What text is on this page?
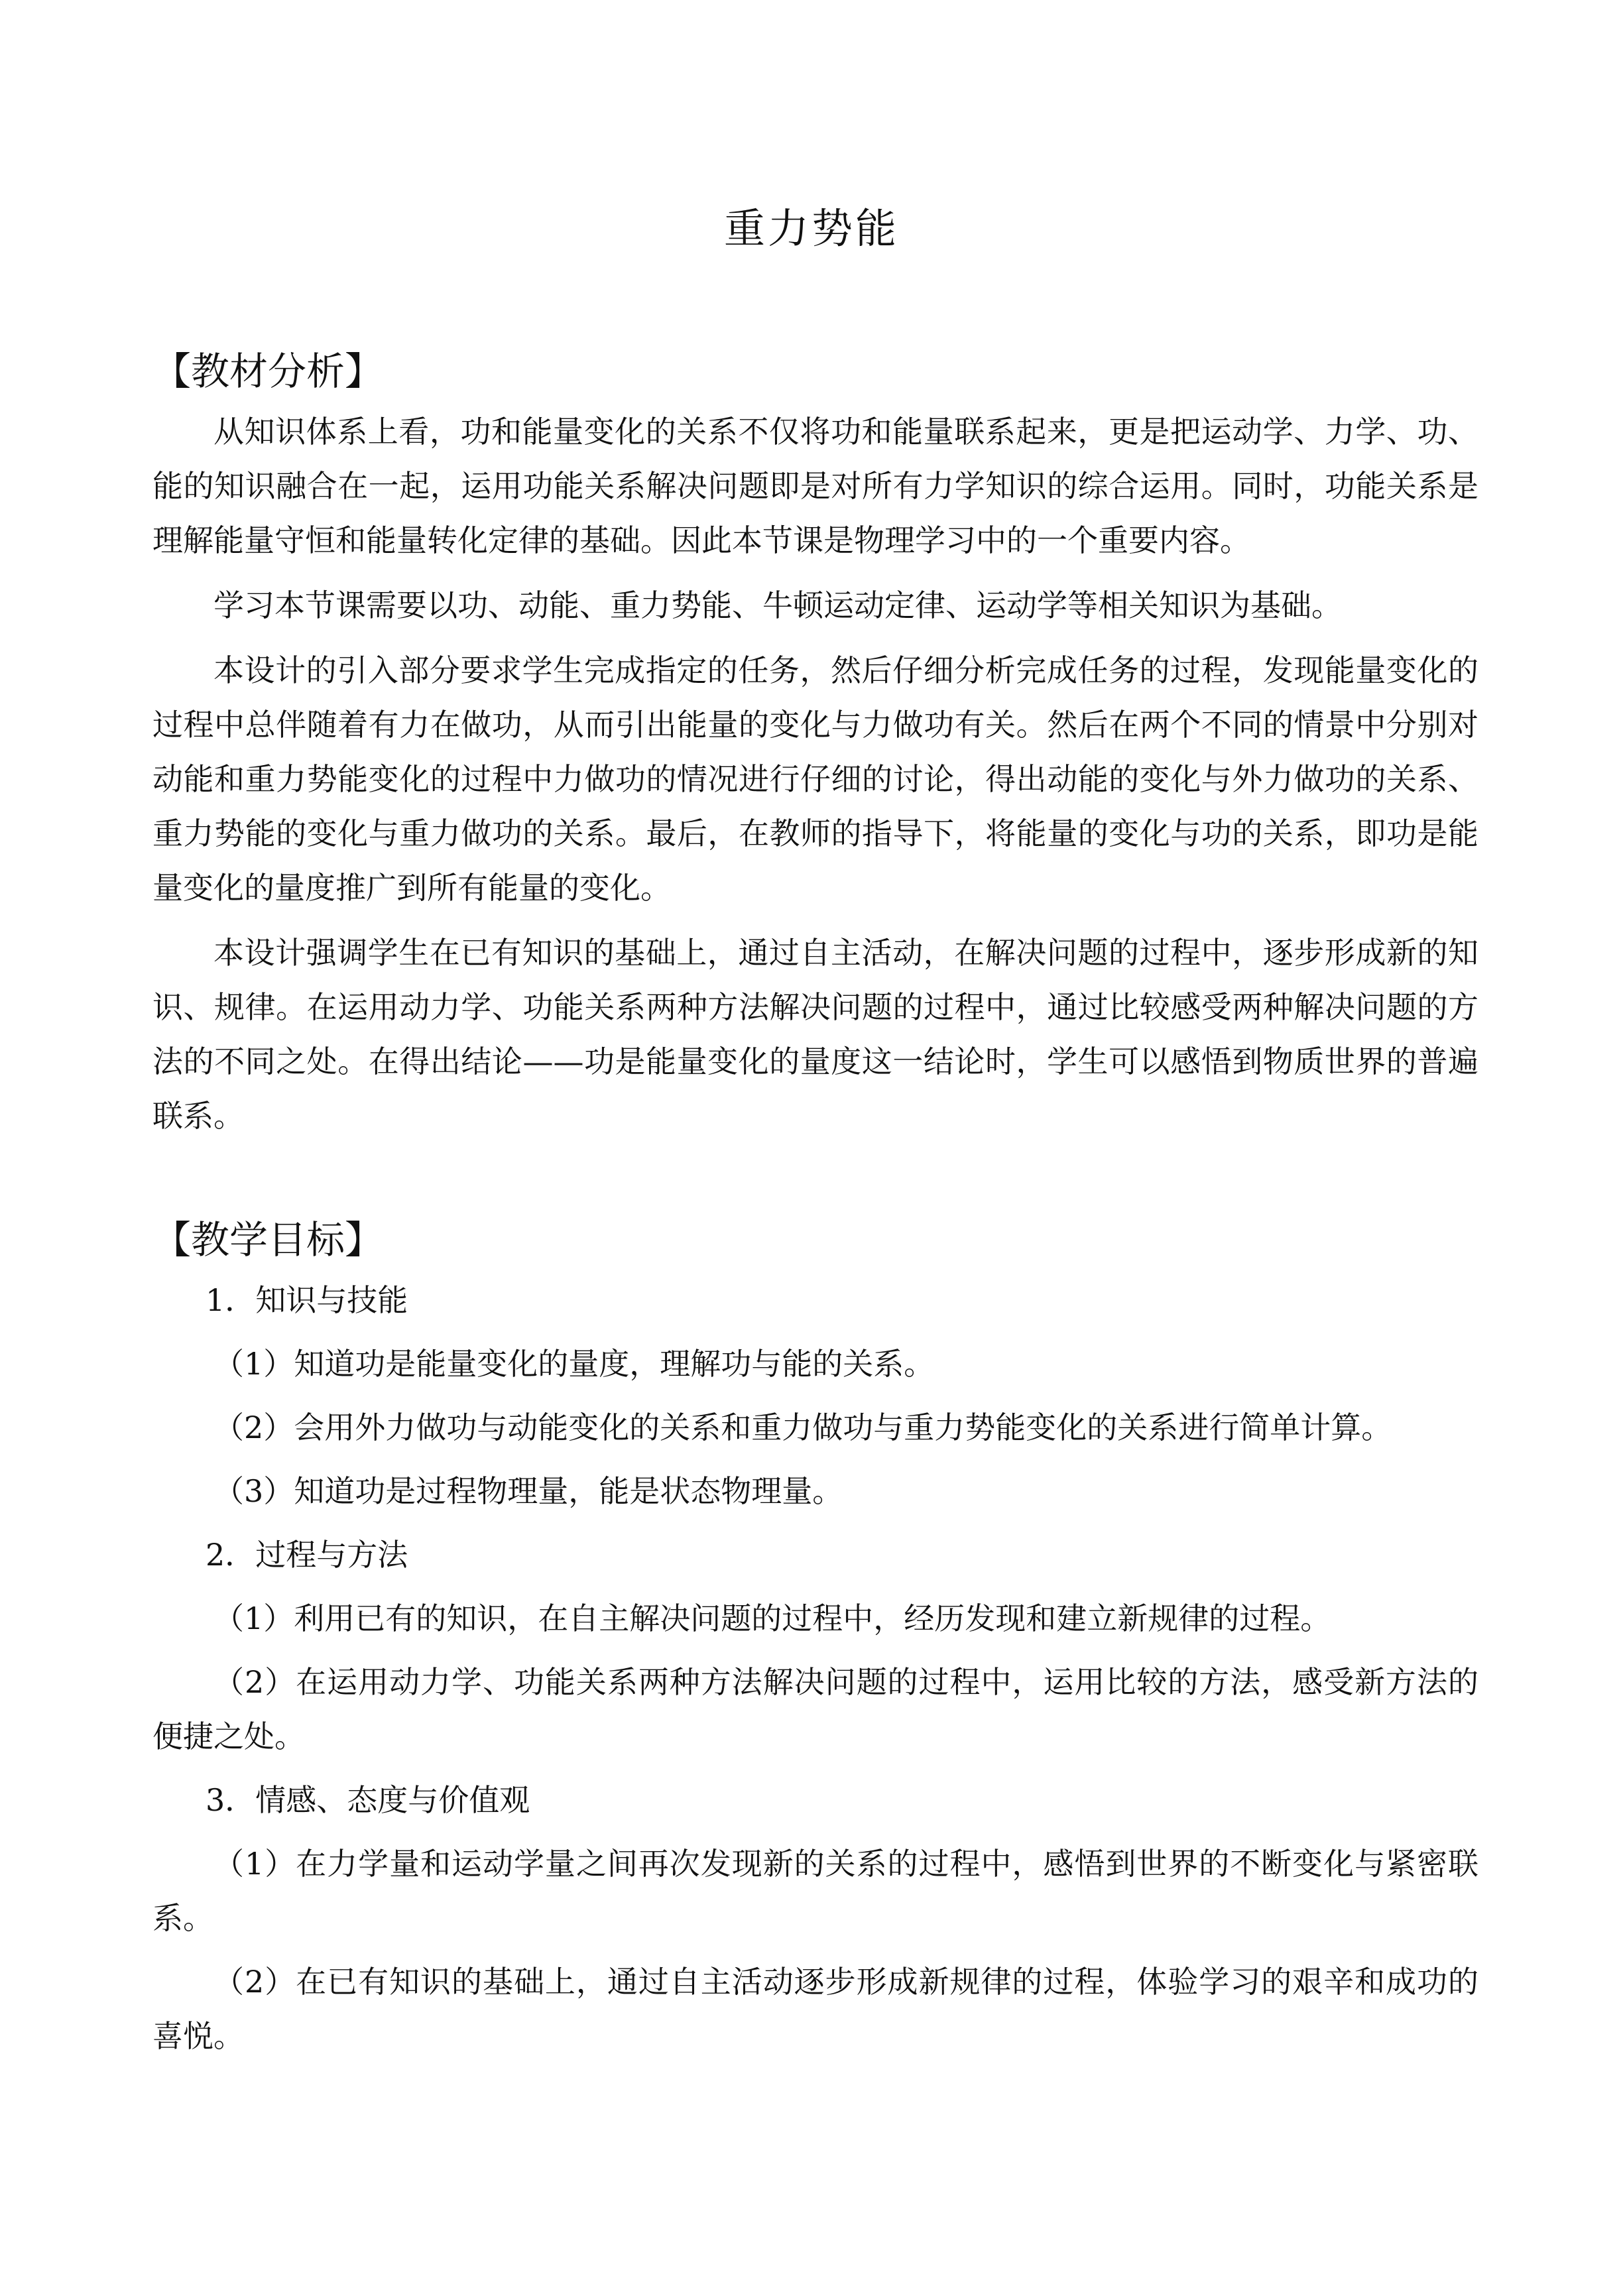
重力势能

【教材分析】

从知识体系上看，功和能量变化的关系不仅将功和能量联系起来，更是把运动学、力学、功、能的知识融合在一起，运用功能关系解决问题即是对所有力学知识的综合运用。同时，功能关系是理解能量守恒和能量转化定律的基础。因此本节课是物理学习中的一个重要内容。

学习本节课需要以功、动能、重力势能、牛顿运动定律、运动学等相关知识为基础。

本设计的引入部分要求学生完成指定的任务，然后仔细分析完成任务的过程，发现能量变化的过程中总伴随着有力在做功，从而引出能量的变化与力做功有关。然后在两个不同的情景中分别对动能和重力势能变化的过程中力做功的情况进行仔细的讨论，得出动能的变化与外力做功的关系、重力势能的变化与重力做功的关系。最后，在教师的指导下，将能量的变化与功的关系，即功是能量变化的量度推广到所有能量的变化。

本设计强调学生在已有知识的基础上，通过自主活动，在解决问题的过程中，逐步形成新的知识、规律。在运用动力学、功能关系两种方法解决问题的过程中，通过比较感受两种解决问题的方法的不同之处。在得出结论——功是能量变化的量度这一结论时，学生可以感悟到物质世界的普遍联系。

【教学目标】

1．知识与技能

（1）知道功是能量变化的量度，理解功与能的关系。

（2）会用外力做功与动能变化的关系和重力做功与重力势能变化的关系进行简单计算。

（3）知道功是过程物理量，能是状态物理量。

2．过程与方法

（1）利用已有的知识，在自主解决问题的过程中，经历发现和建立新规律的过程。

（2）在运用动力学、功能关系两种方法解决问题的过程中，运用比较的方法，感受新方法的便捷之处。

3．情感、态度与价值观

（1）在力学量和运动学量之间再次发现新的关系的过程中，感悟到世界的不断变化与紧密联系。

（2）在已有知识的基础上，通过自主活动逐步形成新规律的过程，体验学习的艰辛和成功的喜悦。
